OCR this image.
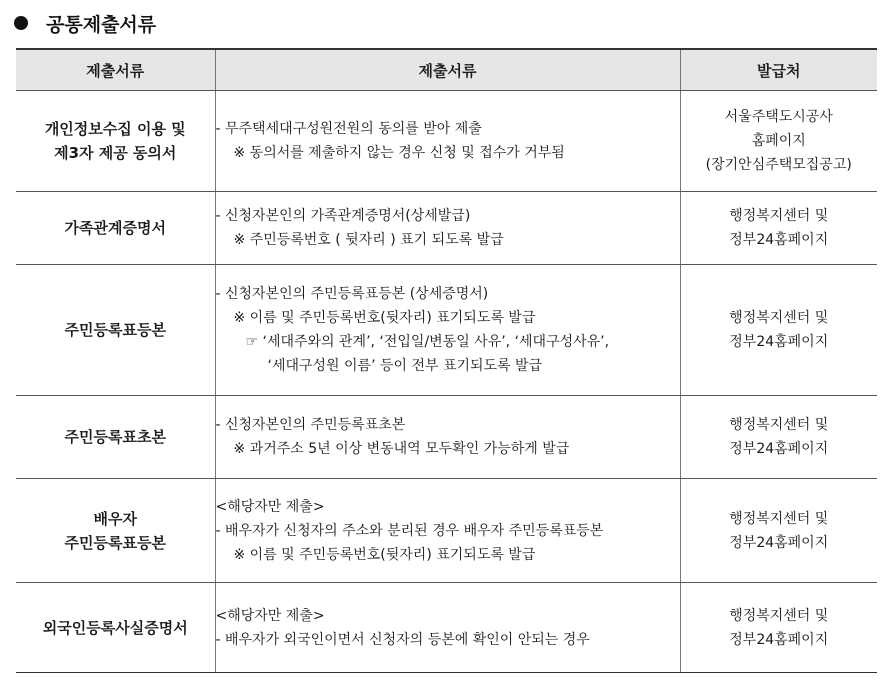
공통제출서류
제출서류	제출서류	발급처

개인정보수집 이용 및
제3자 제공 동의서	- 무주택세대구성원전원의 동의를 받아 제출
※ 동의서를 제출하지 않는 경우 신청 및 접수가 거부됨	서울주택도시공사
홈페이지
(장기안심주택모집공고)

가족관계증명서	- 신청자본인의 가족관계증명서(상세발급)
※ 주민등록번호 ( 뒷자리 ) 표기 되도록 발급	행정복지센터 및
정부24홈페이지

주민등록표등본	- 신청자본인의 주민등록표등본 (상세증명서)
※ 이름 및 주민등록번호(뒷자리) 표기되도록 발급
☞ ‘세대주와의 관계’, ‘전입일/변동일 사유’, ‘세대구성사유’,
‘세대구성원 이름’ 등이 전부 표기되도록 발급	행정복지센터 및
정부24홈페이지

주민등록표초본	- 신청자본인의 주민등록표초본
※ 과거주소 5년 이상 변동내역 모두확인 가능하게 발급	행정복지센터 및
정부24홈페이지

배우자
주민등록표등본	<해당자만 제출>
- 배우자가 신청자의 주소와 분리된 경우 배우자 주민등록표등본
※ 이름 및 주민등록번호(뒷자리) 표기되도록 발급	행정복지센터 및
정부24홈페이지

외국인등록사실증명서	<해당자만 제출>
- 배우자가 외국인이면서 신청자의 등본에 확인이 안되는 경우	행정복지센터 및
정부24홈페이지
